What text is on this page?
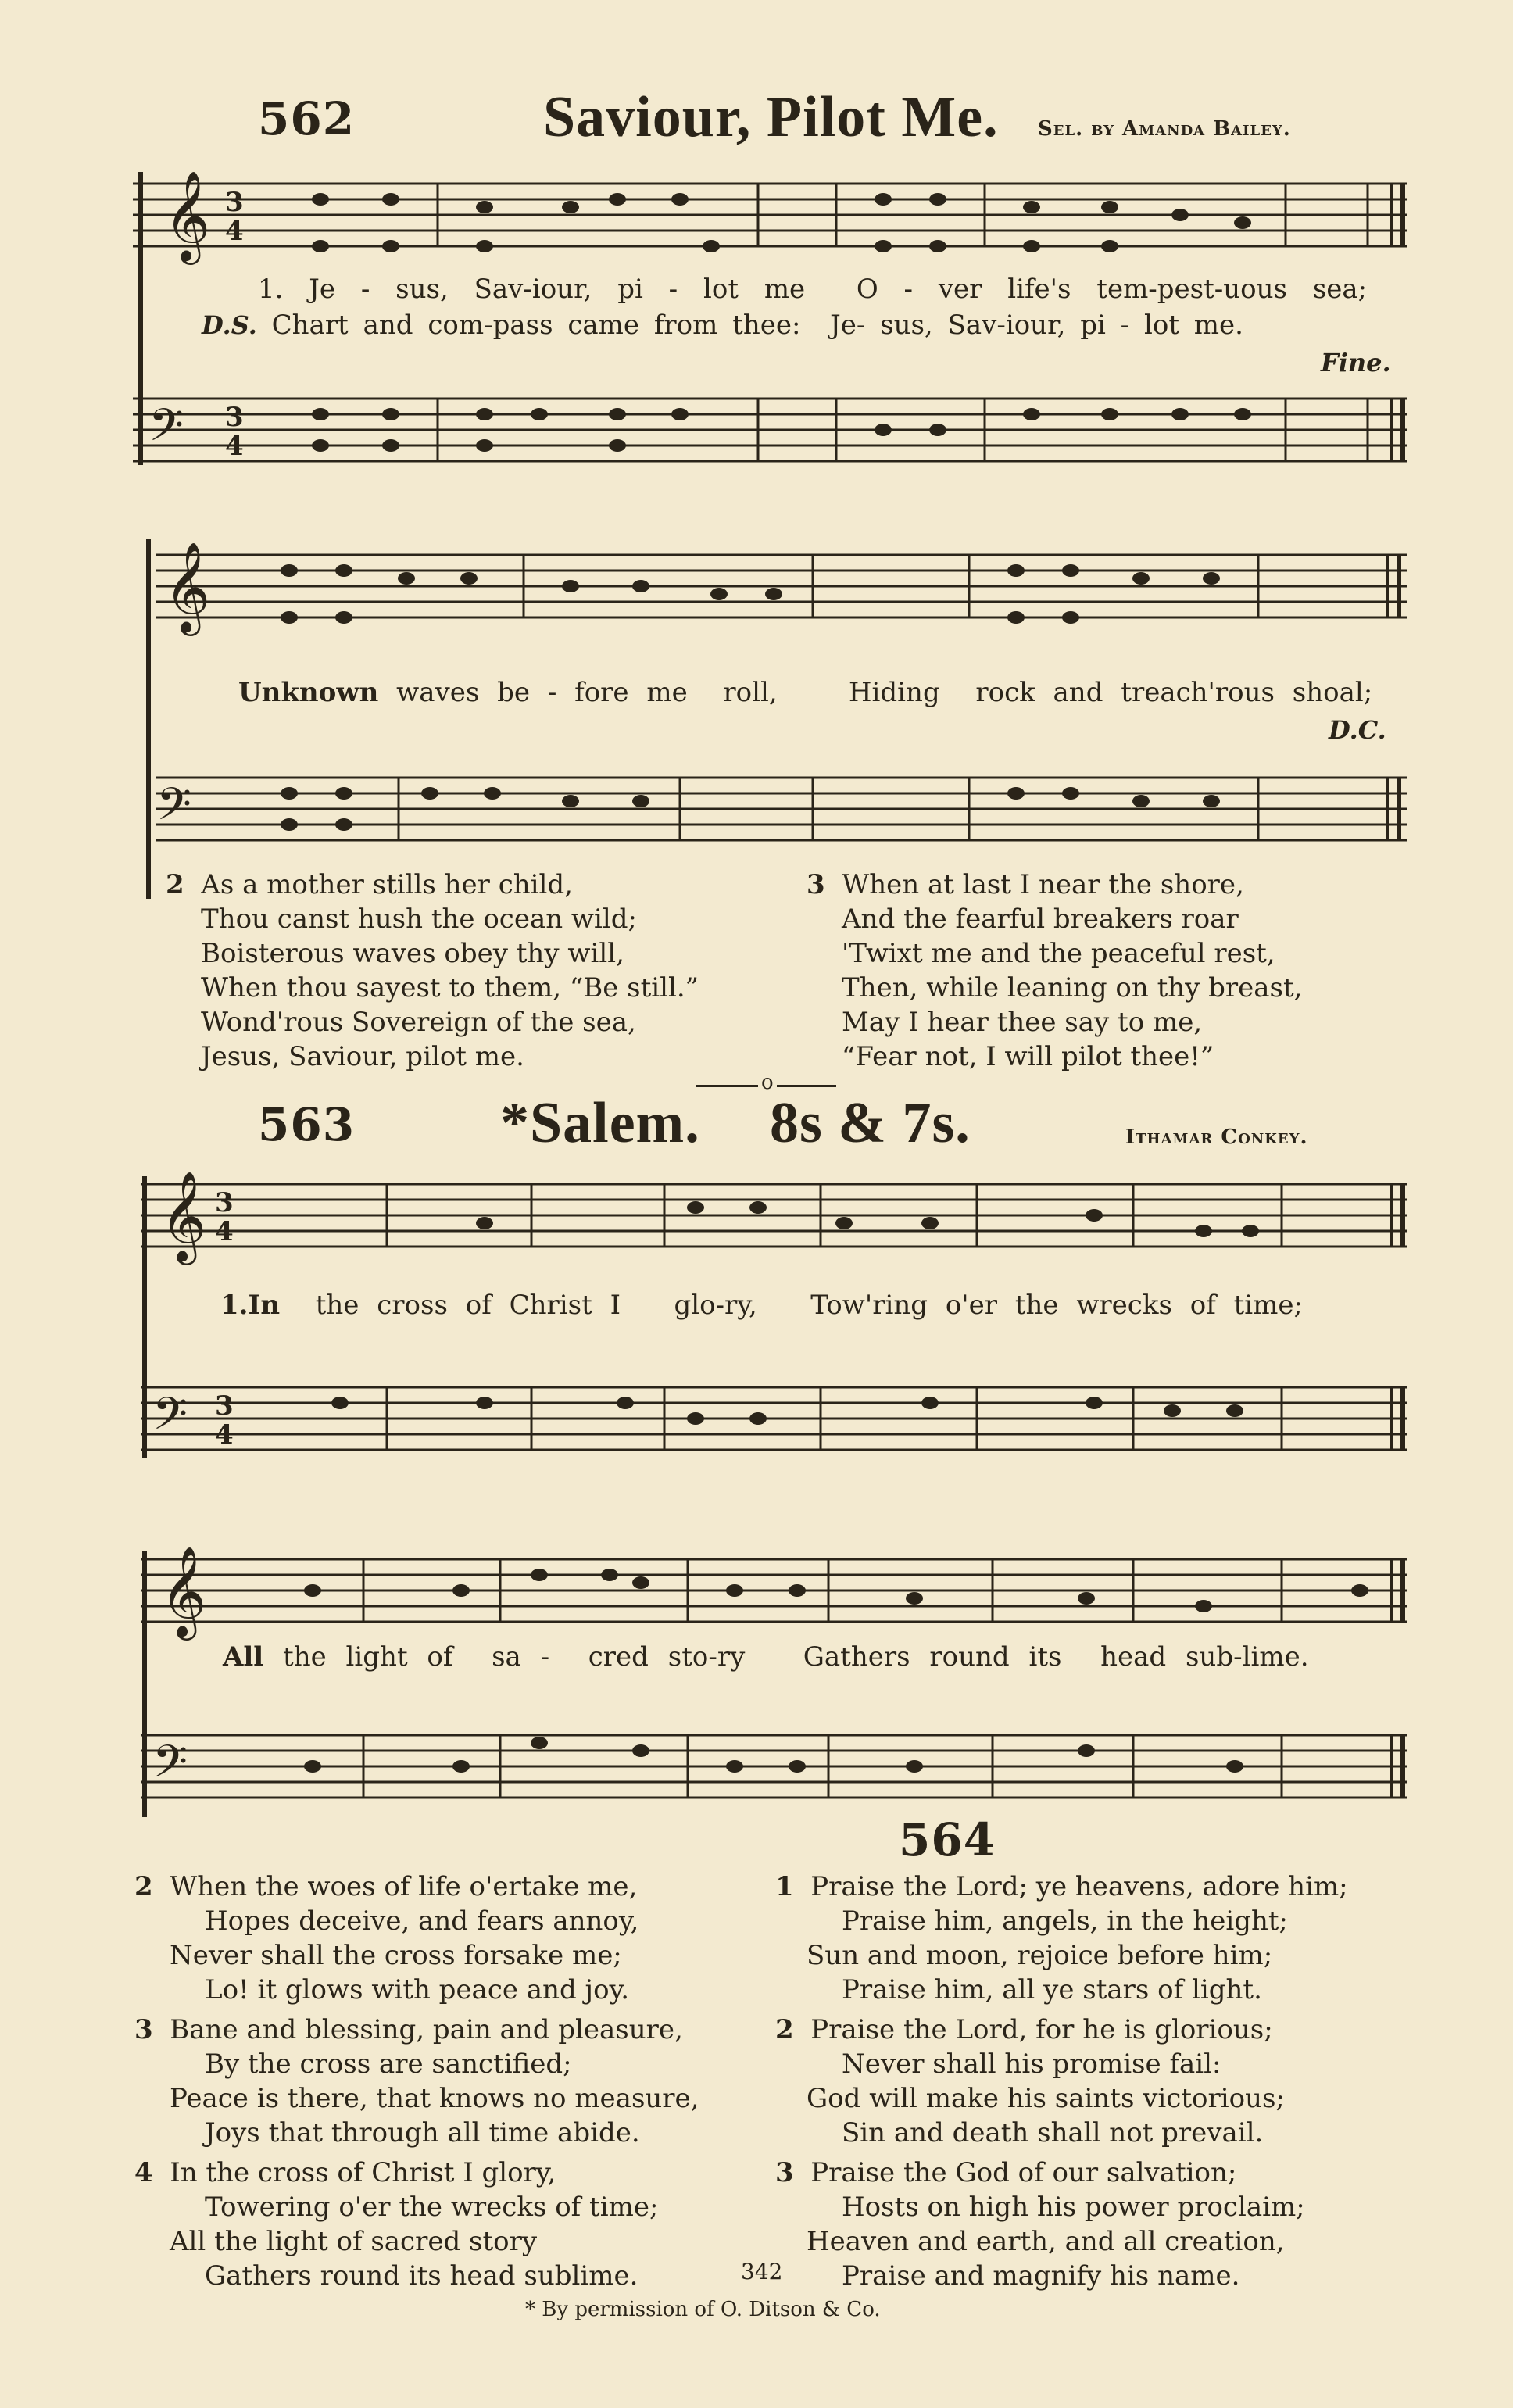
562	Saviour, Pilot Me. Sel. by Amanda Bailey.
𝄞 3
4
1. Je - sus, Sav-iour, pi - lot me O - ver life's tem-pest-uous sea;
D.S. Chart and com-pass came from thee: Je- sus, Sav-iour, pi - lot me.
Fine.
𝄢 3
4
𝄞
Unknown waves be - fore me roll,	Hiding rock and treach'rous shoal;
D.C.
𝄢
2 As a mother stills her child,
Thou canst hush the ocean wild;
Boisterous waves obey thy will,
When thou sayest to them, “Be still.”
Wond'rous Sovereign of the sea,
Jesus, Saviour, pilot me.
3 When at last I near the shore,
And the fearful breakers roar
'Twixt me and the peaceful rest,
Then, while leaning on thy breast,
May I hear thee say to me,
“Fear not, I will pilot thee!”
o
563	*Salem. 8s & 7s.	Ithamar Conkey.
𝄞 3
4
1.In the cross of Christ I glo-ry, Tow'ring o'er the wrecks of time;
𝄢 3
4
𝄞
All the light of sa - cred sto-ry Gathers round its head sub-lime.
𝄢
564
2 When the woes of life o'ertake me,
Hopes deceive, and fears annoy,
Never shall the cross forsake me;
Lo! it glows with peace and joy.
3 Bane and blessing, pain and pleasure,
By the cross are sanctified;
Peace is there, that knows no measure,
Joys that through all time abide.
4 In the cross of Christ I glory,
Towering o'er the wrecks of time;
All the light of sacred story
Gathers round its head sublime.
1 Praise the Lord; ye heavens, adore him;
Praise him, angels, in the height;
Sun and moon, rejoice before him;
Praise him, all ye stars of light.
2 Praise the Lord, for he is glorious;
Never shall his promise fail:
God will make his saints victorious;
Sin and death shall not prevail.
3 Praise the God of our salvation;
Hosts on high his power proclaim;
Heaven and earth, and all creation,
Praise and magnify his name.
342
* By permission of O. Ditson & Co.
